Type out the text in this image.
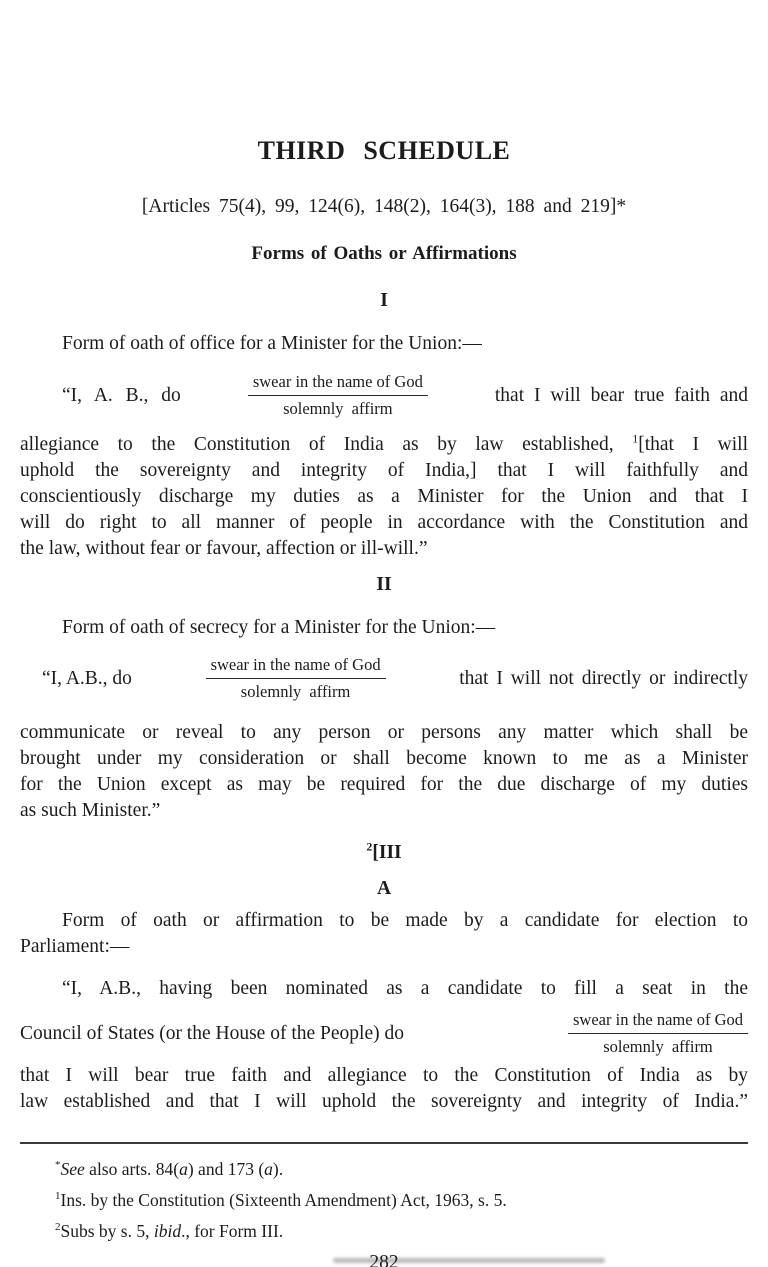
THIRD SCHEDULE
[Articles 75(4), 99, 124(6), 148(2), 164(3), 188 and 219]*
Forms of Oaths or Affirmations
I

Form of oath of office for a Minister for the Union:—

“I, A. B., do	$\frac{\text{swear in the name of God}}{\text{solemnly affirm}}$	that I will bear true faith and
allegiance to the Constitution of India as by law established, $^1$[that I will
uphold the sovereignty and integrity of India,] that I will faithfully and
conscientiously discharge my duties as a Minister for the Union and that I
will do right to all manner of people in accordance with the Constitution and
the law, without fear or favour, affection or ill-will.”
II

Form of oath of secrecy for a Minister for the Union:—

“I, A.B., do	$\frac{\text{swear in the name of God}}{\text{solemnly affirm}}$	that I will not directly or indirectly
communicate or reveal to any person or persons any matter which shall be
brought under my consideration or shall become known to me as a Minister
for the Union except as may be required for the due discharge of my duties
as such Minister.”
$^2$[III
A
Form of oath or affirmation to be made by a candidate for election to
Parliament:—
“I, A.B., having been nominated as a candidate to fill a seat in the
Council of States (or the House of the People) do	$\frac{\text{swear in the name of God}}{\text{solemnly affirm}}$
that I will bear true faith and allegiance to the Constitution of India as by
law established and that I will uphold the sovereignty and integrity of India.”
*See also arts. 84(a) and 173 (a).
$^1$Ins. by the Constitution (Sixteenth Amendment) Act, 1963, s. 5.
$^2$Subs by s. 5, ibid., for Form III.
282
